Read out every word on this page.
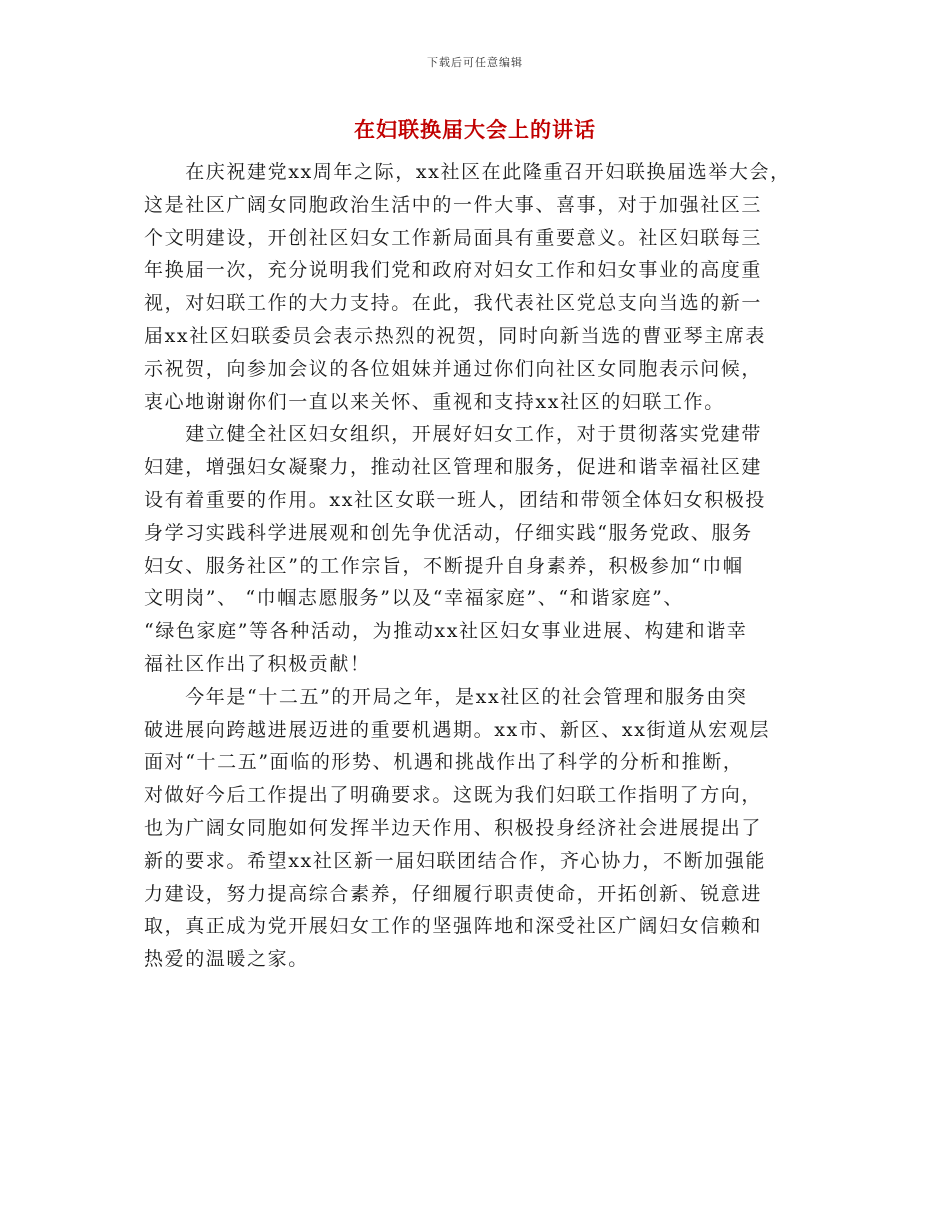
下载后可任意编辑
在妇联换届大会上的讲话
　　在庆祝建党xx周年之际，xx社区在此隆重召开妇联换届选举大会，
这是社区广阔女同胞政治生活中的一件大事、喜事，对于加强社区三
个文明建设，开创社区妇女工作新局面具有重要意义。社区妇联每三
年换届一次，充分说明我们党和政府对妇女工作和妇女事业的高度重
视，对妇联工作的大力支持。在此，我代表社区党总支向当选的新一
届xx社区妇联委员会表示热烈的祝贺，同时向新当选的曹亚琴主席表
示祝贺，向参加会议的各位姐妹并通过你们向社区女同胞表示问候，
衷心地谢谢你们一直以来关怀、重视和支持xx社区的妇联工作。
　　建立健全社区妇女组织，开展好妇女工作，对于贯彻落实党建带
妇建，增强妇女凝聚力，推动社区管理和服务，促进和谐幸福社区建
设有着重要的作用。xx社区女联一班人，团结和带领全体妇女积极投
身学习实践科学进展观和创先争优活动，仔细实践“服务党政、服务
妇女、服务社区”的工作宗旨，不断提升自身素养，积极参加“巾帼
文明岗”、 “巾帼志愿服务”以及“幸福家庭”、“和谐家庭”、
“绿色家庭”等各种活动，为推动xx社区妇女事业进展、构建和谐幸
福社区作出了积极贡献！
　　今年是“十二五”的开局之年，是xx社区的社会管理和服务由突
破进展向跨越进展迈进的重要机遇期。xx市、新区、xx街道从宏观层
面对“十二五”面临的形势、机遇和挑战作出了科学的分析和推断，
对做好今后工作提出了明确要求。这既为我们妇联工作指明了方向，
也为广阔女同胞如何发挥半边天作用、积极投身经济社会进展提出了
新的要求。希望xx社区新一届妇联团结合作，齐心协力，不断加强能
力建设，努力提高综合素养，仔细履行职责使命，开拓创新、锐意进
取，真正成为党开展妇女工作的坚强阵地和深受社区广阔妇女信赖和
热爱的温暖之家。
